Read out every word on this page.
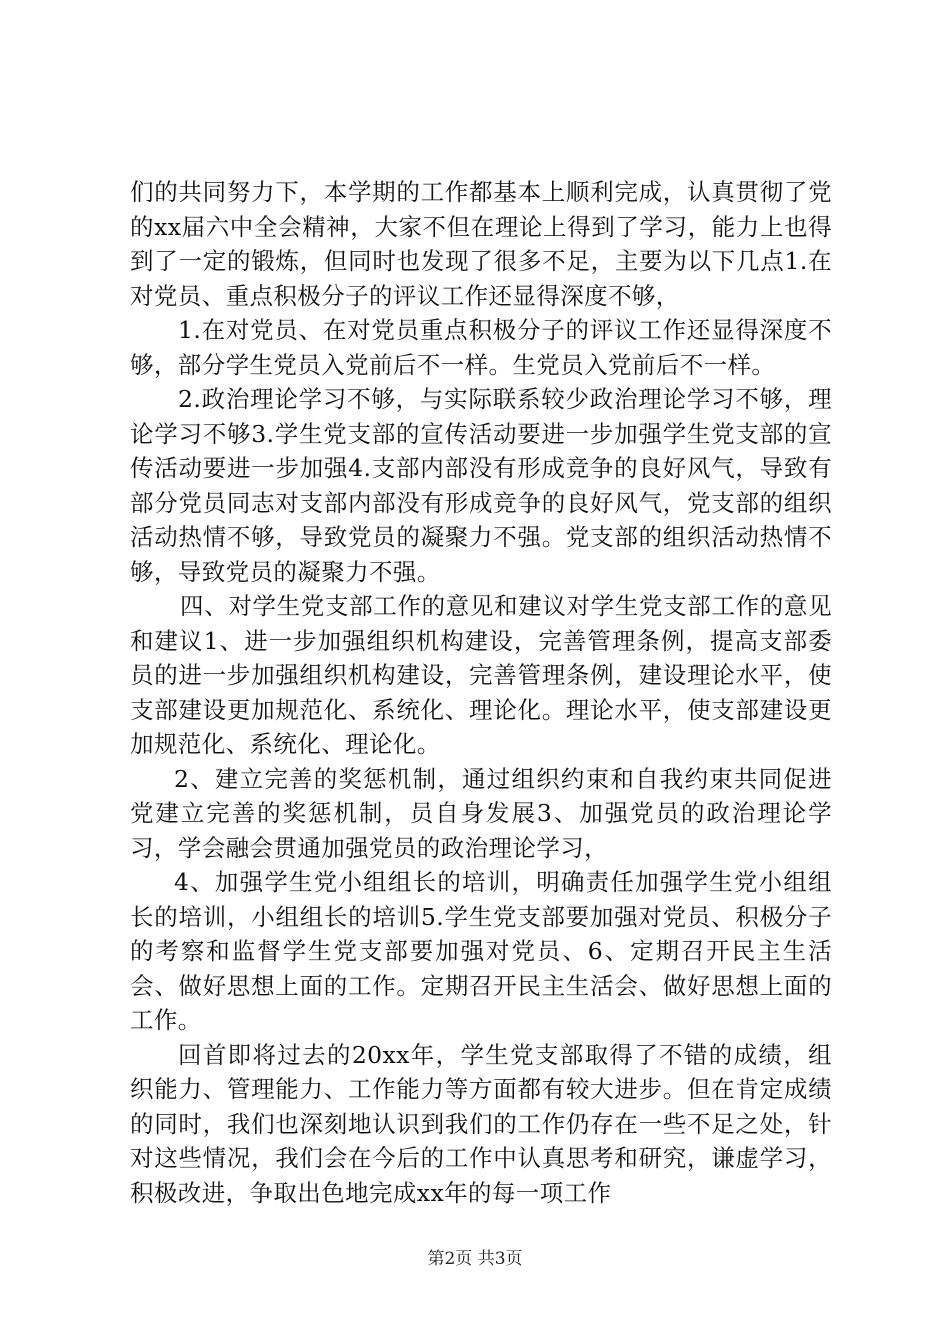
们的共同努力下，本学期的工作都基本上顺利完成，认真贯彻了党的xx届六中全会精神，大家不但在理论上得到了学习，能力上也得到了一定的锻炼，但同时也发现了很多不足，主要为以下几点1.在对党员、重点积极分子的评议工作还显得深度不够，

1.在对党员、在对党员重点积极分子的评议工作还显得深度不够，部分学生党员入党前后不一样。生党员入党前后不一样。

2.政治理论学习不够，与实际联系较少政治理论学习不够，理论学习不够3.学生党支部的宣传活动要进一步加强学生党支部的宣传活动要进一步加强4.支部内部没有形成竞争的良好风气，导致有部分党员同志对支部内部没有形成竞争的良好风气，党支部的组织活动热情不够，导致党员的凝聚力不强。党支部的组织活动热情不够，导致党员的凝聚力不强。

四、对学生党支部工作的意见和建议对学生党支部工作的意见和建议1、进一步加强组织机构建设，完善管理条例，提高支部委员的进一步加强组织机构建设，完善管理条例，建设理论水平，使支部建设更加规范化、系统化、理论化。理论水平，使支部建设更加规范化、系统化、理论化。

2、建立完善的奖惩机制，通过组织约束和自我约束共同促进党建立完善的奖惩机制，员自身发展3、加强党员的政治理论学习，学会融会贯通加强党员的政治理论学习，

4、加强学生党小组组长的培训，明确责任加强学生党小组组长的培训，小组组长的培训5.学生党支部要加强对党员、积极分子的考察和监督学生党支部要加强对党员、6、定期召开民主生活会、做好思想上面的工作。定期召开民主生活会、做好思想上面的工作。

回首即将过去的20xx年，学生党支部取得了不错的成绩，组织能力、管理能力、工作能力等方面都有较大进步。但在肯定成绩的同时，我们也深刻地认识到我们的工作仍存在一些不足之处，针对这些情况，我们会在今后的工作中认真思考和研究，谦虚学习，积极改进，争取出色地完成xx年的每一项工作

第2页 共3页
